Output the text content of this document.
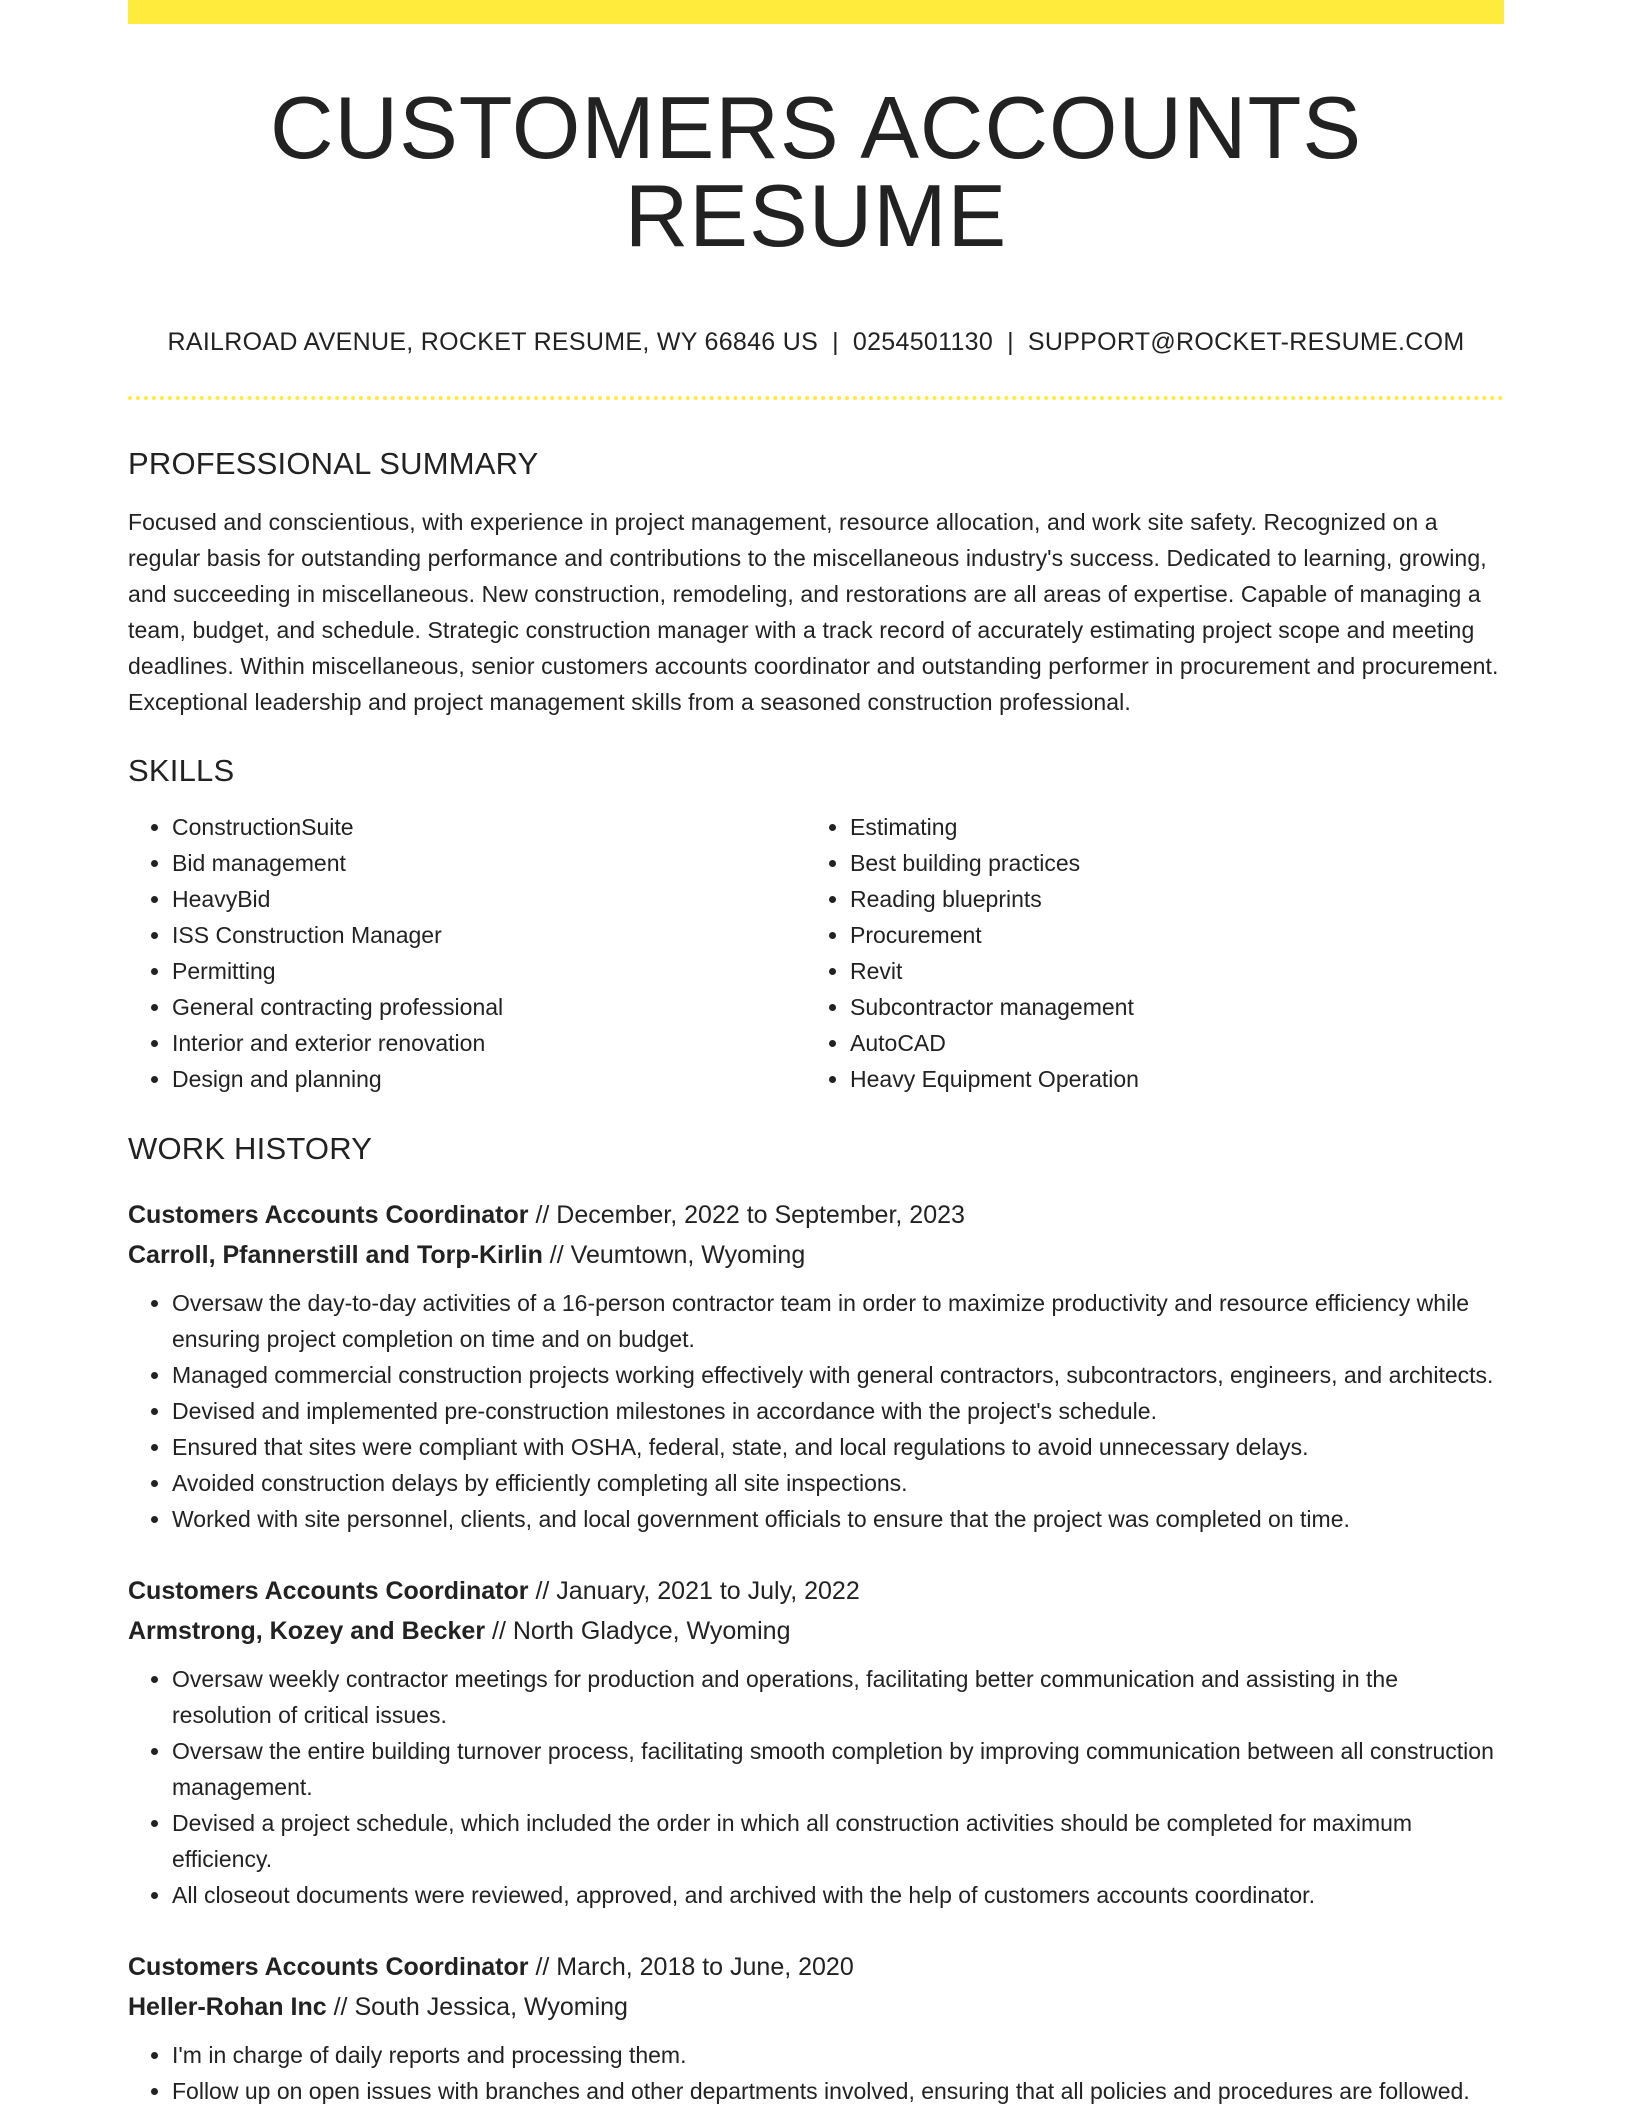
CUSTOMERS ACCOUNTS RESUME
RAILROAD AVENUE, ROCKET RESUME, WY 66846 US | 0254501130 | SUPPORT@ROCKET-RESUME.COM
PROFESSIONAL SUMMARY

Focused and conscientious, with experience in project management, resource allocation, and work site safety. Recognized on a regular basis for outstanding performance and contributions to the miscellaneous industry's success. Dedicated to learning, growing, and succeeding in miscellaneous. New construction, remodeling, and restorations are all areas of expertise. Capable of managing a team, budget, and schedule. Strategic construction manager with a track record of accurately estimating project scope and meeting deadlines. Within miscellaneous, senior customers accounts coordinator and outstanding performer in procurement and procurement. Exceptional leadership and project management skills from a seasoned construction professional.

SKILLS
• ConstructionSuite
• Bid management
• HeavyBid
• ISS Construction Manager
• Permitting
• General contracting professional
• Interior and exterior renovation
• Design and planning
• Estimating
• Best building practices
• Reading blueprints
• Procurement
• Revit
• Subcontractor management
• AutoCAD
• Heavy Equipment Operation
WORK HISTORY
Customers Accounts Coordinator // December, 2022 to September, 2023
Carroll, Pfannerstill and Torp-Kirlin // Veumtown, Wyoming
• Oversaw the day-to-day activities of a 16-person contractor team in order to maximize productivity and resource efficiency while ensuring project completion on time and on budget.
• Managed commercial construction projects working effectively with general contractors, subcontractors, engineers, and architects.
• Devised and implemented pre-construction milestones in accordance with the project's schedule.
• Ensured that sites were compliant with OSHA, federal, state, and local regulations to avoid unnecessary delays.
• Avoided construction delays by efficiently completing all site inspections.
• Worked with site personnel, clients, and local government officials to ensure that the project was completed on time.
Customers Accounts Coordinator // January, 2021 to July, 2022
Armstrong, Kozey and Becker // North Gladyce, Wyoming
• Oversaw weekly contractor meetings for production and operations, facilitating better communication and assisting in the resolution of critical issues.
• Oversaw the entire building turnover process, facilitating smooth completion by improving communication between all construction management.
• Devised a project schedule, which included the order in which all construction activities should be completed for maximum efficiency.
• All closeout documents were reviewed, approved, and archived with the help of customers accounts coordinator.
Customers Accounts Coordinator // March, 2018 to June, 2020
Heller-Rohan Inc // South Jessica, Wyoming
• I'm in charge of daily reports and processing them.
• Follow up on open issues with branches and other departments involved, ensuring that all policies and procedures are followed.
